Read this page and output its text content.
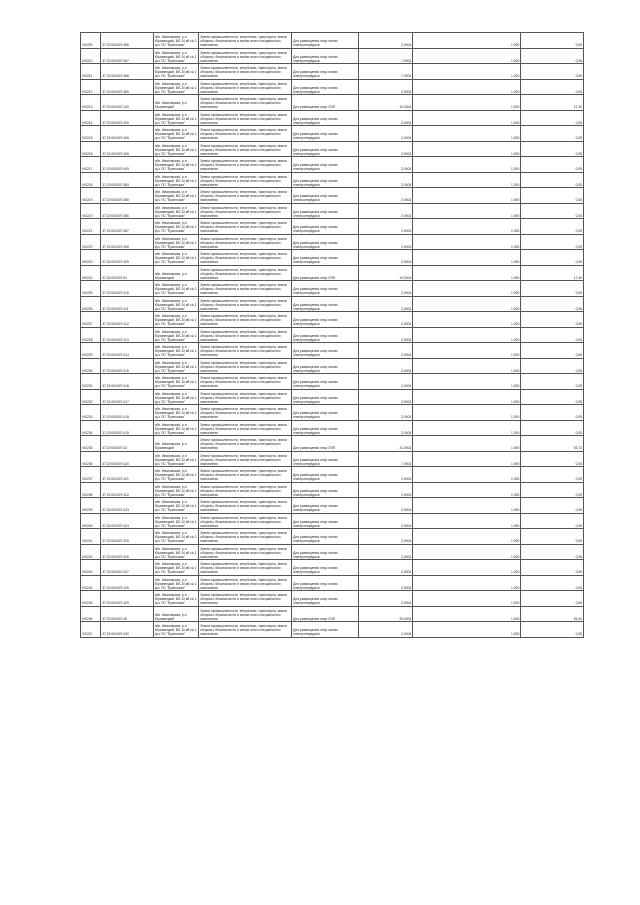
VI0290	37:22:000407:366	обл. Ивановская, р-н Юрьевецкий, ВЛ-10 кВ № 1 ф-с ПС "Ёрзенская"	Земли промышленности, энергетики, транспорта, земли обороны, безопасности и земли иного специального назначения	Для размещения опор линии электропередачи	2,0004	1,000	0,05
VI0210	37:22:000407:367	обл. Ивановская, р-н Юрьевецкий, ВЛ-10 кВ № 1 ф-с ПС "Ёрзенская"	Земли промышленности, энергетики, транспорта, земли обороны, безопасности и земли иного специального назначения	Для размещения опор линии электропередачи	7,0004	1,000	0,05
VI0211	37:22:000407:368	обл. Ивановская, р-н Юрьевецкий, ВЛ-10 кВ № 1 ф-с ПС "Ёрзенская"	Земли промышленности, энергетики, транспорта, земли обороны, безопасности и земли иного специального назначения	Для размещения опор линии электропередачи	7,0004	1,000	0,05
VI0212	37:22:000407:369	обл. Ивановская, р-н Юрьевецкий, ВЛ-10 кВ № 1 ф-с ПС "Ёрзенская"	Земли промышленности, энергетики, транспорта, земли обороны, безопасности и земли иного специального назначения	Для размещения опор линии электропередачи	2,0004	1,000	0,05
VI0213	37:22:000407:140	обл. Ивановская, р-н Юрьевецкий	Земли промышленности, энергетики, транспорта, земли обороны, безопасности и земли иного специального назначения	Для размещения опор ЛЭП	10,0004	1,000	17,40
VI0214	37:22:000407:405	обл. Ивановская, р-н Юрьевецкий, ВЛ-10 кВ № 1 ф-с ПС "Ёрзенская"	Земли промышленности, энергетики, транспорта, земли обороны, безопасности и земли иного специального назначения	Для размещения опор линии электропередачи	2,0004	1,000	0,05
VI0215	37:22:000407:406	обл. Ивановская, р-н Юрьевецкий, ВЛ-10 кВ № 1 ф-с ПС "Ёрзенская"	Земли промышленности, энергетики, транспорта, земли обороны, безопасности и земли иного специального назначения	Для размещения опор линии электропередачи	2,0004	1,000	0,05
VI0216	37:22:000407:408	обл. Ивановская, р-н Юрьевецкий, ВЛ-10 кВ № 1 ф-с ПС "Ёрзенская"	Земли промышленности, энергетики, транспорта, земли обороны, безопасности и земли иного специального назначения	Для размещения опор линии электропередачи	2,0004	1,000	0,05
VI0217	37:22:000407:409	обл. Ивановская, р-н Юрьевецкий, ВЛ-10 кВ № 1 ф-с ПС "Ёрзенская"	Земли промышленности, энергетики, транспорта, земли обороны, безопасности и земли иного специального назначения	Для размещения опор линии электропередачи	2,0004	1,000	0,05
VI0218	37:22:000407:384	обл. Ивановская, р-н Юрьевецкий, ВЛ-10 кВ № 1 ф-с ПС "Ёрзенская"	Земли промышленности, энергетики, транспорта, земли обороны, безопасности и земли иного специального назначения	Для размещения опор линии электропередачи	2,0004	1,000	0,05
VI0219	37:22:000407:385	обл. Ивановская, р-н Юрьевецкий, ВЛ-10 кВ № 1 ф-с ПС "Ёрзенская"	Земли промышленности, энергетики, транспорта, земли обороны, безопасности и земли иного специального назначения	Для размещения опор линии электропередачи	2,0004	1,000	0,05
VI0220	37:22:000407:386	обл. Ивановская, р-н Юрьевецкий, ВЛ-10 кВ № 1 ф-с ПС "Ёрзенская"	Земли промышленности, энергетики, транспорта, земли обороны, безопасности и земли иного специального назначения	Для размещения опор линии электропередачи	2,0004	1,000	0,05
VI0221	37:22:000407:387	обл. Ивановская, р-н Юрьевецкий, ВЛ-10 кВ № 1 ф-с ПС "Ёрзенская"	Земли промышленности, энергетики, транспорта, земли обороны, безопасности и земли иного специального назначения	Для размещения опор линии электропередачи	2,0004	1,000	0,05
VI0222	37:22:000407:408	обл. Ивановская, р-н Юрьевецкий, ВЛ-10 кВ № 1 ф-с ПС "Ёрзенская"	Земли промышленности, энергетики, транспорта, земли обороны, безопасности и земли иного специального назначения	Для размещения опор линии электропередачи	2,0004	1,000	0,05
VI0223	37:22:000407:409	обл. Ивановская, р-н Юрьевецкий, ВЛ-10 кВ № 1 ф-с ПС "Ёрзенская"	Земли промышленности, энергетики, транспорта, земли обороны, безопасности и земли иного специального назначения	Для размещения опор линии электропередачи	2,0004	1,000	0,05
VI0224	37:22:000407:81	обл. Ивановская, р-н Юрьевецкий	Земли промышленности, энергетики, транспорта, земли обороны, безопасности и земли иного специального назначения	Для размещения опор ЛЭП	10,0004	1,000	17,40
VI0225	37:22:000407:410	обл. Ивановская, р-н Юрьевецкий, ВЛ-10 кВ № 1 ф-с ПС "Ёрзенская"	Земли промышленности, энергетики, транспорта, земли обороны, безопасности и земли иного специального назначения	Для размещения опор линии электропередачи	2,0004	1,000	0,05
VI0226	37:22:000407:411	обл. Ивановская, р-н Юрьевецкий, ВЛ-10 кВ № 1 ф-с ПС "Ёрзенская"	Земли промышленности, энергетики, транспорта, земли обороны, безопасности и земли иного специального назначения	Для размещения опор линии электропередачи	2,0004	1,000	0,05
VI0227	37:22:000407:412	обл. Ивановская, р-н Юрьевецкий, ВЛ-10 кВ № 1 ф-с ПС "Ёрзенская"	Земли промышленности, энергетики, транспорта, земли обороны, безопасности и земли иного специального назначения	Для размещения опор линии электропередачи	2,0004	1,000	0,05
VI0228	37:22:000407:413	обл. Ивановская, р-н Юрьевецкий, ВЛ-10 кВ № 1 ф-с ПС "Ёрзенская"	Земли промышленности, энергетики, транспорта, земли обороны, безопасности и земли иного специального назначения	Для размещения опор линии электропередачи	2,0004	1,000	0,05
VI0229	37:22:000407:414	обл. Ивановская, р-н Юрьевецкий, ВЛ-10 кВ № 1 ф-с ПС "Ёрзенская"	Земли промышленности, энергетики, транспорта, земли обороны, безопасности и земли иного специального назначения	Для размещения опор линии электропередачи	2,0004	1,000	0,05
VI0230	37:22:000407:415	обл. Ивановская, р-н Юрьевецкий, ВЛ-10 кВ № 1 ф-с ПС "Ёрзенская"	Земли промышленности, энергетики, транспорта, земли обороны, безопасности и земли иного специального назначения	Для размещения опор линии электропередачи	2,0004	1,000	0,05
VI0231	37:22:000407:416	обл. Ивановская, р-н Юрьевецкий, ВЛ-10 кВ № 1 ф-с ПС "Ёрзенская"	Земли промышленности, энергетики, транспорта, земли обороны, безопасности и земли иного специального назначения	Для размещения опор линии электропередачи	2,0004	1,000	0,05
VI0232	37:22:000407:417	обл. Ивановская, р-н Юрьевецкий, ВЛ-10 кВ № 1 ф-с ПС "Ёрзенская"	Земли промышленности, энергетики, транспорта, земли обороны, безопасности и земли иного специального назначения	Для размещения опор линии электропередачи	2,0004	1,000	0,05
VI0233	37:22:000407:418	обл. Ивановская, р-н Юрьевецкий, ВЛ-10 кВ № 1 ф-с ПС "Ёрзенская"	Земли промышленности, энергетики, транспорта, земли обороны, безопасности и земли иного специального назначения	Для размещения опор линии электропередачи	2,0004	1,000	0,05
VI0234	37:22:000407:419	обл. Ивановская, р-н Юрьевецкий, ВЛ-10 кВ № 1 ф-с ПС "Ёрзенская"	Земли промышленности, энергетики, транспорта, земли обороны, безопасности и земли иного специального назначения	Для размещения опор линии электропередачи	2,0004	1,000	0,05
VI0235	37:22:000407:42	обл. Ивановская, р-н Юрьевецкий	Земли промышленности, энергетики, транспорта, земли обороны, безопасности и земли иного специального назначения	Для размещения опор ЛЭП	31,0004	1,000	53,72
VI0236	37:22:000407:420	обл. Ивановская, р-н Юрьевецкий, ВЛ-10 кВ № 1 ф-с ПС "Ёрзенская"	Земли промышленности, энергетики, транспорта, земли обороны, безопасности и земли иного специального назначения	Для размещения опор линии электропередачи	7,0004	1,000	0,05
VI0237	37:22:000407:421	обл. Ивановская, р-н Юрьевецкий, ВЛ-10 кВ № 1 ф-с ПС "Ёрзенская"	Земли промышленности, энергетики, транспорта, земли обороны, безопасности и земли иного специального назначения	Для размещения опор линии электропередачи	2,0004	1,000	0,05
VI0238	37:22:000407:422	обл. Ивановская, р-н Юрьевецкий, ВЛ-10 кВ № 1 ф-с ПС "Ёрзенская"	Земли промышленности, энергетики, транспорта, земли обороны, безопасности и земли иного специального назначения	Для размещения опор линии электропередачи	2,0004	1,000	0,05
VI0239	37:22:000407:423	обл. Ивановская, р-н Юрьевецкий, ВЛ-10 кВ № 1 ф-с ПС "Ёрзенская"	Земли промышленности, энергетики, транспорта, земли обороны, безопасности и земли иного специального назначения	Для размещения опор линии электропередачи	2,0004	1,000	0,05
VI0240	37:22:000407:424	обл. Ивановская, р-н Юрьевецкий, ВЛ-10 кВ № 1 ф-с ПС "Ёрзенская"	Земли промышленности, энергетики, транспорта, земли обороны, безопасности и земли иного специального назначения	Для размещения опор линии электропередачи	2,0004	1,000	0,05
VI0241	37:22:000407:425	обл. Ивановская, р-н Юрьевецкий, ВЛ-10 кВ № 1 ф-с ПС "Ёрзенская"	Земли промышленности, энергетики, транспорта, земли обороны, безопасности и земли иного специального назначения	Для размещения опор линии электропередачи	2,0004	1,000	0,05
VI0242	37:22:000407:426	обл. Ивановская, р-н Юрьевецкий, ВЛ-10 кВ № 1 ф-с ПС "Ёрзенская"	Земли промышленности, энергетики, транспорта, земли обороны, безопасности и земли иного специального назначения	Для размещения опор линии электропередачи	2,0004	1,000	0,05
VI0243	37:22:000407:427	обл. Ивановская, р-н Юрьевецкий, ВЛ-10 кВ № 1 ф-с ПС "Ёрзенская"	Земли промышленности, энергетики, транспорта, земли обороны, безопасности и земли иного специального назначения	Для размещения опор линии электропередачи	2,0004	1,000	0,05
VI0244	37:22:000407:428	обл. Ивановская, р-н Юрьевецкий, ВЛ-10 кВ № 1 ф-с ПС "Ёрзенская"	Земли промышленности, энергетики, транспорта, земли обороны, безопасности и земли иного специального назначения	Для размещения опор линии электропередачи	2,0004	1,000	0,05
VI0245	37:22:000407:429	обл. Ивановская, р-н Юрьевецкий, ВЛ-10 кВ № 1 ф-с ПС "Ёрзенская"	Земли промышленности, энергетики, транспорта, земли обороны, безопасности и земли иного специального назначения	Для размещения опор линии электропередачи	2,0004	1,000	0,05
VI0246	37:22:000407:45	обл. Ивановская, р-н Юрьевецкий	Земли промышленности, энергетики, транспорта, земли обороны, безопасности и земли иного специального назначения	Для размещения опор ЛЭП	29,0004	1,000	51,54
VI0247	37:22:000407:430	обл. Ивановская, р-н Юрьевецкий, ВЛ-10 кВ № 1 ф-с ПС "Ёрзенская"	Земли промышленности, энергетики, транспорта, земли обороны, безопасности и земли иного специального назначения	Для размещения опор линии электропередачи	2,0004	1,000	0,05
